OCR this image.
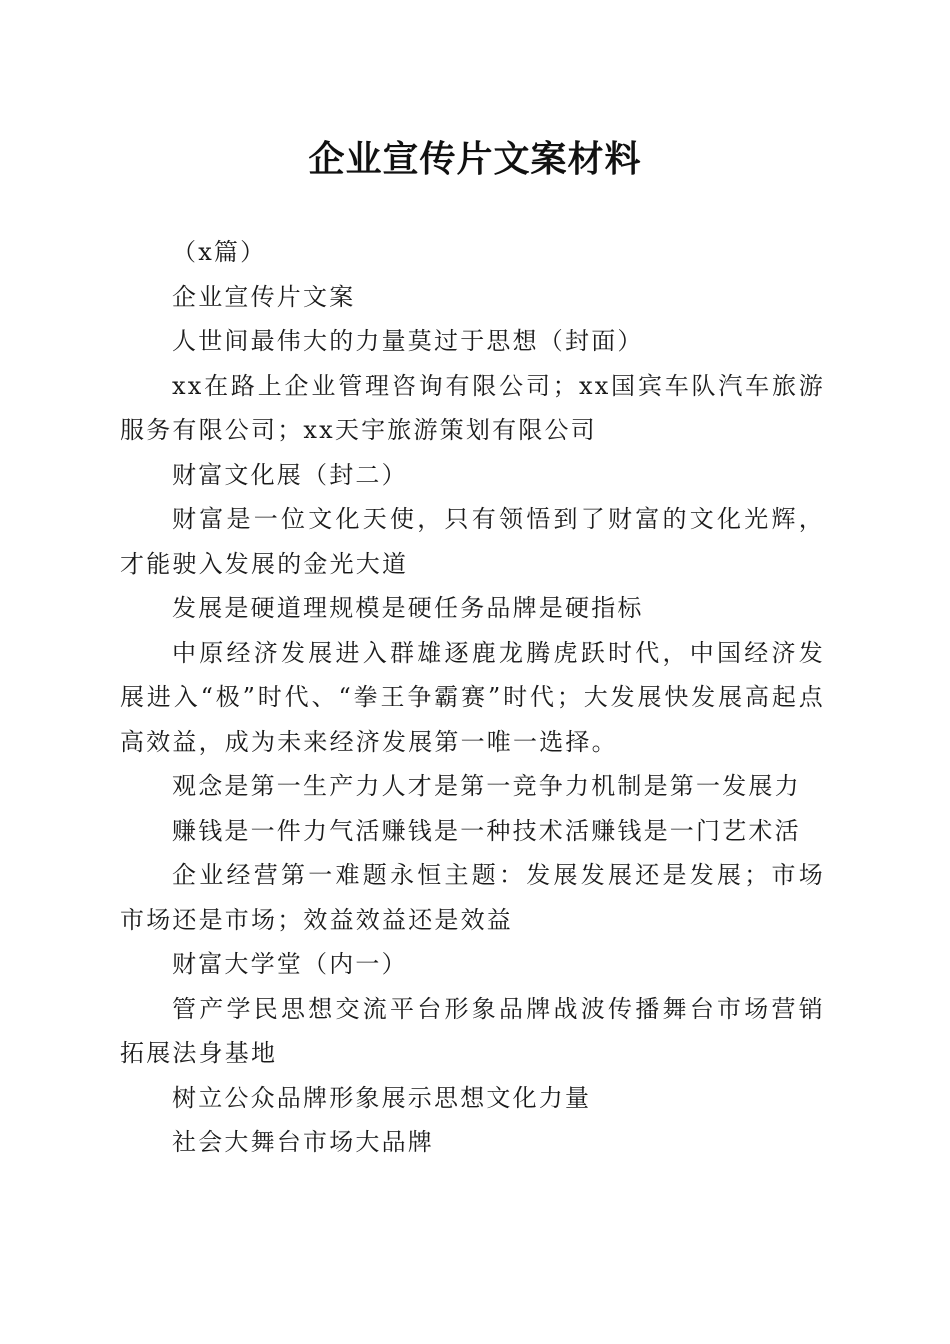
企业宣传片文案材料

（x篇）

企业宣传片文案

人世间最伟大的力量莫过于思想（封面）

xx在路上企业管理咨询有限公司；xx国宾车队汽车旅游服务有限公司；xx天宇旅游策划有限公司

财富文化展（封二）

财富是一位文化天使，只有领悟到了财富的文化光辉，才能驶入发展的金光大道

发展是硬道理规模是硬任务品牌是硬指标

中原经济发展进入群雄逐鹿龙腾虎跃时代，中国经济发展进入“极”时代、“拳王争霸赛”时代；大发展快发展高起点高效益，成为未来经济发展第一唯一选择。

观念是第一生产力人才是第一竞争力机制是第一发展力

赚钱是一件力气活赚钱是一种技术活赚钱是一门艺术活

企业经营第一难题永恒主题：发展发展还是发展；市场市场还是市场；效益效益还是效益

财富大学堂（内一）

管产学民思想交流平台形象品牌战波传播舞台市场营销拓展法身基地

树立公众品牌形象展示思想文化力量

社会大舞台市场大品牌
